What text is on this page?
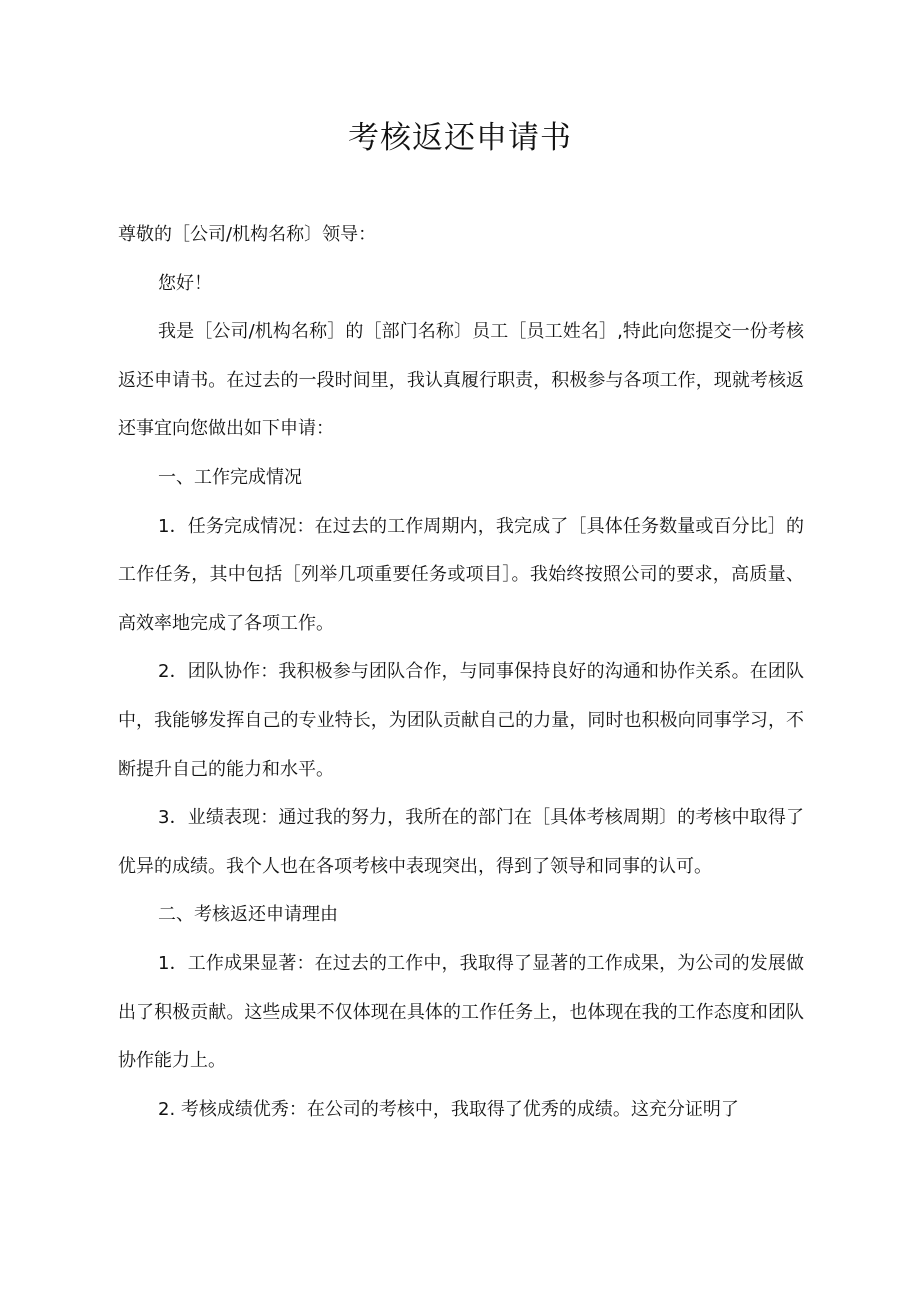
考核返还申请书

尊敬的［公司/机构名称〕领导：

您好！

我是［公司/机构名称］的［部门名称〕员工［员工姓名］,特此向您提交一份考核返还申请书。在过去的一段时间里，我认真履行职责，积极参与各项工作，现就考核返还事宜向您做出如下申请：

一、工作完成情况

1．任务完成情况：在过去的工作周期内，我完成了［具体任务数量或百分比］的工作任务，其中包括［列举几项重要任务或项目］。我始终按照公司的要求，高质量、高效率地完成了各项工作。

2．团队协作：我积极参与团队合作，与同事保持良好的沟通和协作关系。在团队中，我能够发挥自己的专业特长，为团队贡献自己的力量，同时也积极向同事学习，不断提升自己的能力和水平。

3．业绩表现：通过我的努力，我所在的部门在［具体考核周期〕的考核中取得了优异的成绩。我个人也在各项考核中表现突出，得到了领导和同事的认可。

二、考核返还申请理由

1．工作成果显著：在过去的工作中，我取得了显著的工作成果，为公司的发展做出了积极贡献。这些成果不仅体现在具体的工作任务上，也体现在我的工作态度和团队协作能力上。

2. 考核成绩优秀：在公司的考核中，我取得了优秀的成绩。这充分证明了
